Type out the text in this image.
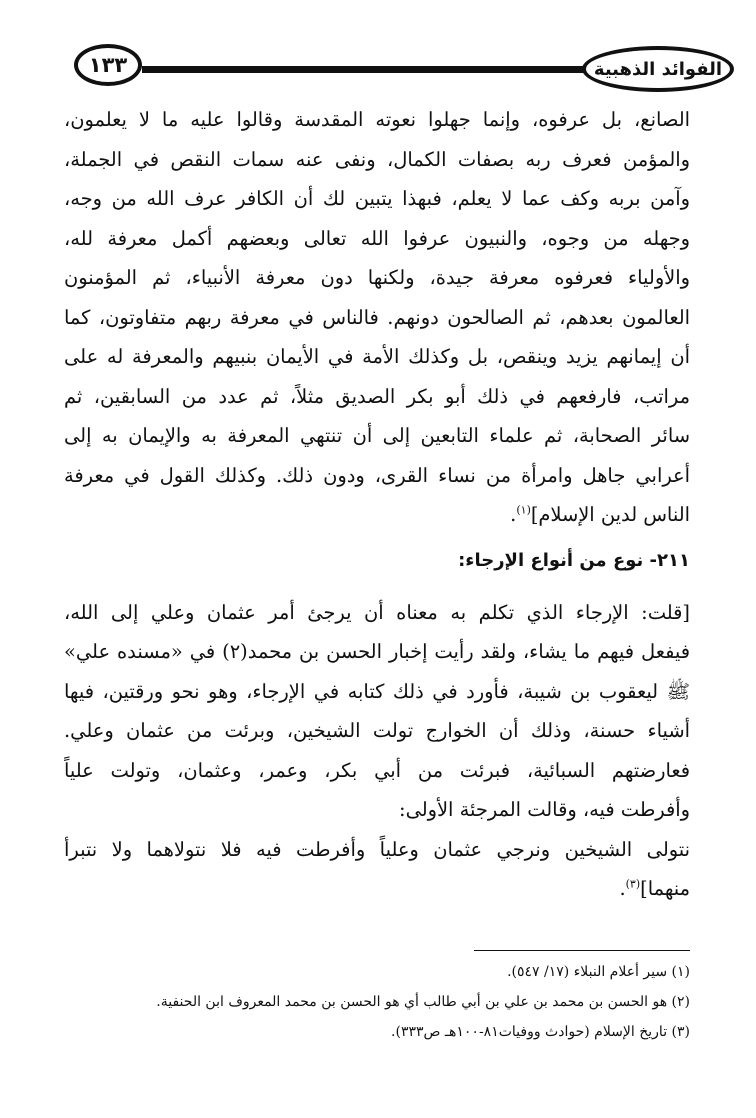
١٣٣	الفوائد الذهبية
الصانع، بل عرفوه، وإنما جهلوا نعوته المقدسة وقالوا عليه ما لا يعلمون،
والمؤمن فعرف ربه بصفات الكمال، ونفى عنه سمات النقص في الجملة،
وآمن بربه وكف عما لا يعلم، فبهذا يتبين لك أن الكافر عرف الله من وجه،
وجهله من وجوه، والنبيون عرفوا الله تعالى وبعضهم أكمل معرفة لله،
والأولياء فعرفوه معرفة جيدة، ولكنها دون معرفة الأنبياء، ثم المؤمنون
العالمون بعدهم، ثم الصالحون دونهم. فالناس في معرفة ربهم متفاوتون، كما
أن إيمانهم يزيد وينقص، بل وكذلك الأمة في الأيمان بنبيهم والمعرفة له على
مراتب، فارفعهم في ذلك أبو بكر الصديق مثلاً، ثم عدد من السابقين، ثم
سائر الصحابة، ثم علماء التابعين إلى أن تنتهي المعرفة به والإيمان به إلى
أعرابي جاهل وامرأة من نساء القرى، ودون ذلك. وكذلك القول في معرفة
الناس لدين الإسلام]$^{(١)}$.
٢١١- نوع من أنواع الإرجاء:
[قلت: الإرجاء الذي تكلم به معناه أن يرجئ أمر عثمان وعلي إلى الله،
فيفعل فيهم ما يشاء، ولقد رأيت إخبار الحسن بن محمد(٢) في «مسنده علي»
ﷺ ليعقوب بن شيبة، فأورد في ذلك كتابه في الإرجاء، وهو نحو ورقتين، فيها
أشياء حسنة، وذلك أن الخوارج تولت الشيخين، وبرئت من عثمان وعلي.
فعارضتهم السبائية، فبرئت من أبي بكر، وعمر، وعثمان، وتولت علياً
وأفرطت فيه، وقالت المرجئة الأولى:
نتولى الشيخين ونرجي عثمان وعلياً وأفرطت فيه فلا نتولاهما ولا نتبرأ
منهما]$^{(٣)}$.
(١) سير أعلام النبلاء (١٧/ ٥٤٧).
(٢) هو الحسن بن محمد بن علي بن أبي طالب أي هو الحسن بن محمد المعروف ابن الحنفية.
(٣) تاريخ الإسلام (حوادث ووفيات٨١-١٠٠هـ ص٣٣٣).
